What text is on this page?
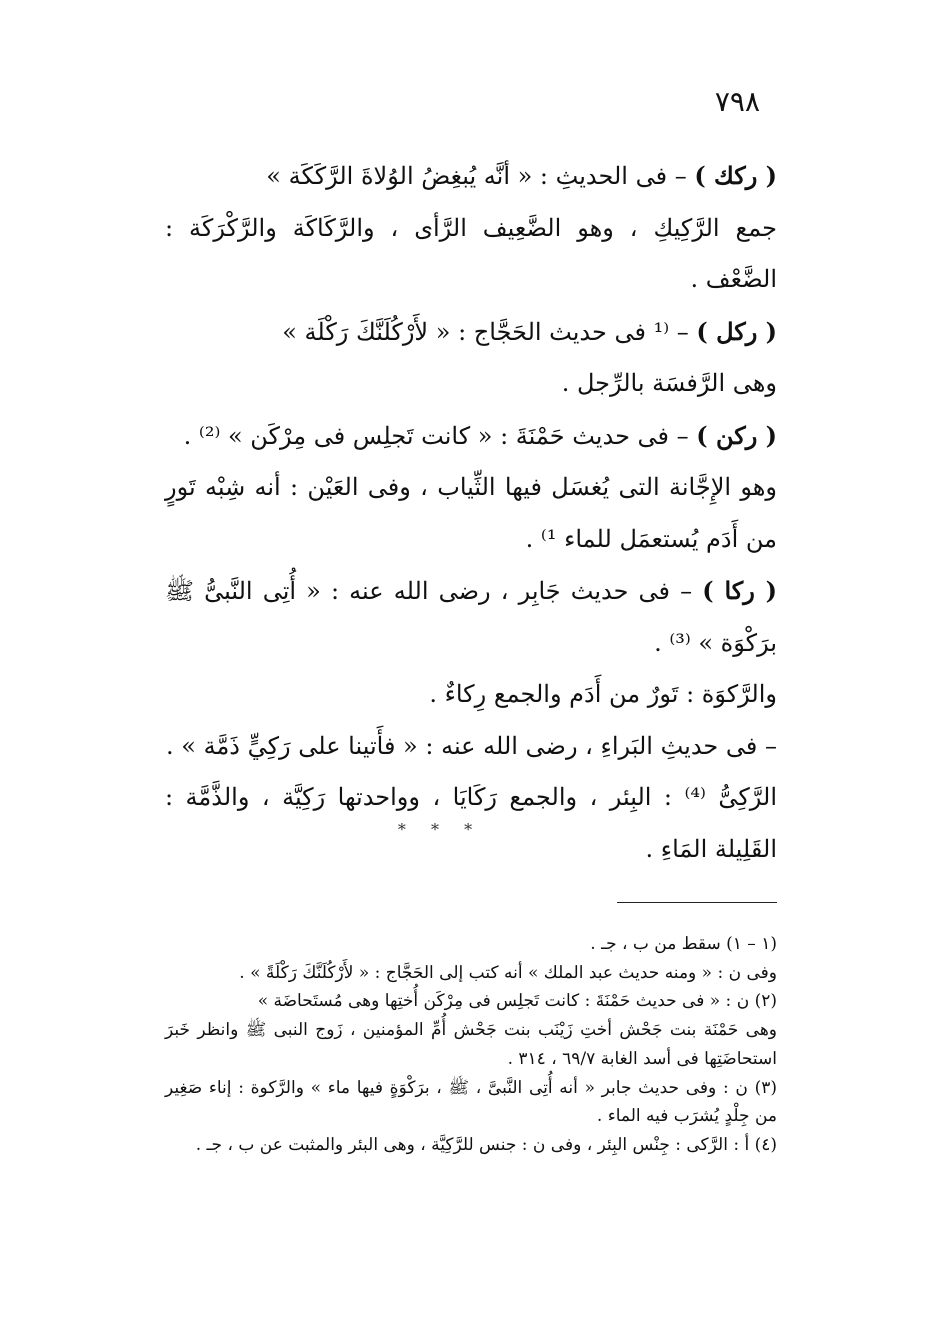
٧٩٨

( ركك ) – فى الحديثِ : « أنَّه يُبغِضُ الوُلاةَ الرَّكَكَة »

جمع الرَّكِيكِ ، وهو الضَّعِيف الرَّأى ، والرَّكَاكَة والرَّكْرَكَة : الضَّعْف .

( ركل ) – ⁽¹ فى حديث الحَجَّاج : « لأَرْكُلَنَّكَ رَكْلَة »

وهى الرَّفسَة بالرِّجل .

( ركن ) – فى حديث حَمْنَةَ : « كانت تَجلِس فى مِرْكَن » ⁽²⁾ .

وهو الإِجَّانة التى يُغسَل فيها الثِّياب ، وفى العَيْن : أنه شِبْه تَورٍ من أَدَم يُستعمَل للماء ¹⁾ .

( ركا ) – فى حديث جَابِر ، رضى الله عنه : « أُتِى النَّبىُّ ﷺ برَكْوَة » ⁽³⁾ .

والرَّكوَة : تَورٌ من أَدَم والجمع رِكاءٌ .

– فى حديثِ البَراءِ ، رضى الله عنه : « فأَتينا على رَكِيٍّ ذَمَّة » .

الرَّكِىُّ ⁽⁴⁾ : البِئر ، والجمع رَكَايَا ، وواحدتها رَكِيَّة ، والذَّمَّة : القَلِيلة المَاءِ .

* * *

(١ – ١) سقط من ب ، جـ .

وفى ن : « ومنه حديث عبد الملك » أنه كتب إلى الحَجَّاج : « لأَرْكُلَنَّكَ رَكْلَةً » .

(٢) ن : « فى حديث حَمْنَةَ : كانت تَجلِس فى مِرْكَن أُختِها وهى مُستَحاضَة »

وهى حَمْنَة بنت جَحْش أختِ زَيْنَب بنت جَحْش أُمِّ المؤمنين ، زَوج النبى ﷺ وانظر خَبرَ استحاضَتِها فى أسد الغابة ٦٩/٧ ، ٣١٤ .

(٣) ن : وفى حديث جابر « أنه أُتِى النَّبىَّ ، ﷺ ، برَكْوَةٍ فيها ماء » والرَّكوة : إناء صَغِير من جِلْدٍ يُشرَب فيه الماء .

(٤) أ : الرَّكى : جِنْس البِئر ، وفى ن : جنس للرَّكِيَّة ، وهى البئر والمثبت عن ب ، جـ .
